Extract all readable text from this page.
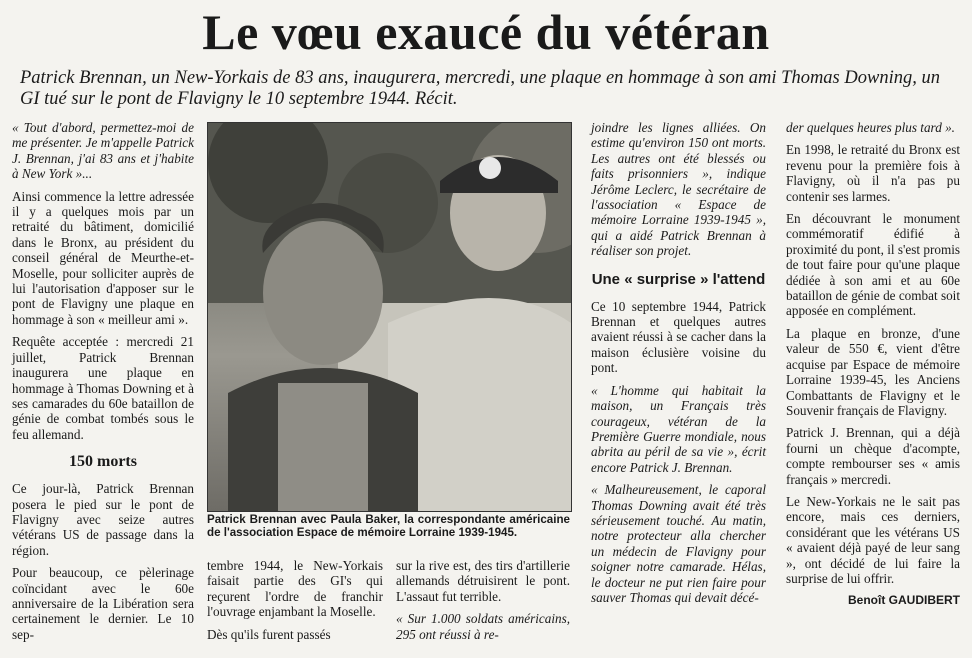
Le vœu exaucé du vétéran
Patrick Brennan, un New-Yorkais de 83 ans, inaugurera, mercredi, une plaque en hommage à son ami Thomas Downing, un GI tué sur le pont de Flavigny le 10 septembre 1944. Récit.

« Tout d'abord, permettez-moi de me présenter. Je m'appelle Patrick J. Brennan, j'ai 83 ans et j'habite à New York »...

Ainsi commence la lettre adressée il y a quelques mois par un retraité du bâtiment, domicilié dans le Bronx, au président du conseil général de Meurthe-et-Moselle, pour solliciter auprès de lui l'autorisation d'apposer sur le pont de Flavigny une plaque en hommage à son « meilleur ami ».

Requête acceptée : mercredi 21 juillet, Patrick Brennan inaugurera une plaque en hommage à Thomas Downing et à ses camarades du 60e bataillon de génie de combat tombés sous le feu allemand.

150 morts

Ce jour-là, Patrick Brennan posera le pied sur le pont de Flavigny avec seize autres vétérans US de passage dans la région.

Pour beaucoup, ce pèlerinage coïncidant avec le 60e anniversaire de la Libération sera certainement le dernier. Le 10 sep-

Patrick Brennan avec Paula Baker, la correspondante américaine de l'association Espace de mémoire Lorraine 1939-1945.

tembre 1944, le New-Yorkais faisait partie des GI's qui reçurent l'ordre de franchir l'ouvrage enjambant la Moselle.

Dès qu'ils furent passés

sur la rive est, des tirs d'artillerie allemands détruisirent le pont. L'assaut fut terrible.

« Sur 1.000 soldats américains, 295 ont réussi à re-

joindre les lignes alliées. On estime qu'environ 150 ont morts. Les autres ont été blessés ou faits prisonniers », indique Jérôme Leclerc, le secrétaire de l'association « Espace de mémoire Lorraine 1939-1945 », qui a aidé Patrick Brennan à réaliser son projet.

Une « surprise » l'attend

Ce 10 septembre 1944, Patrick Brennan et quelques autres avaient réussi à se cacher dans la maison éclusière voisine du pont.

« L'homme qui habitait la maison, un Français très courageux, vétéran de la Première Guerre mondiale, nous abrita au péril de sa vie », écrit encore Patrick J. Brennan.

« Malheureusement, le caporal Thomas Downing avait été très sérieusement touché. Au matin, notre protecteur alla chercher un médecin de Flavigny pour soigner notre camarade. Hélas, le docteur ne put rien faire pour sauver Thomas qui devait décé-

der quelques heures plus tard ».

En 1998, le retraité du Bronx est revenu pour la première fois à Flavigny, où il n'a pas pu contenir ses larmes.

En découvrant le monument commémoratif édifié à proximité du pont, il s'est promis de tout faire pour qu'une plaque dédiée à son ami et au 60e bataillon de génie de combat soit apposée en complément.

La plaque en bronze, d'une valeur de 550 €, vient d'être acquise par Espace de mémoire Lorraine 1939-45, les Anciens Combattants de Flavigny et le Souvenir français de Flavigny.

Patrick J. Brennan, qui a déjà fourni un chèque d'acompte, compte rembourser ses « amis français » mercredi.

Le New-Yorkais ne le sait pas encore, mais ces derniers, considérant que les vétérans US « avaient déjà payé de leur sang », ont décidé de lui faire la surprise de lui offrir.

Benoît GAUDIBERT
